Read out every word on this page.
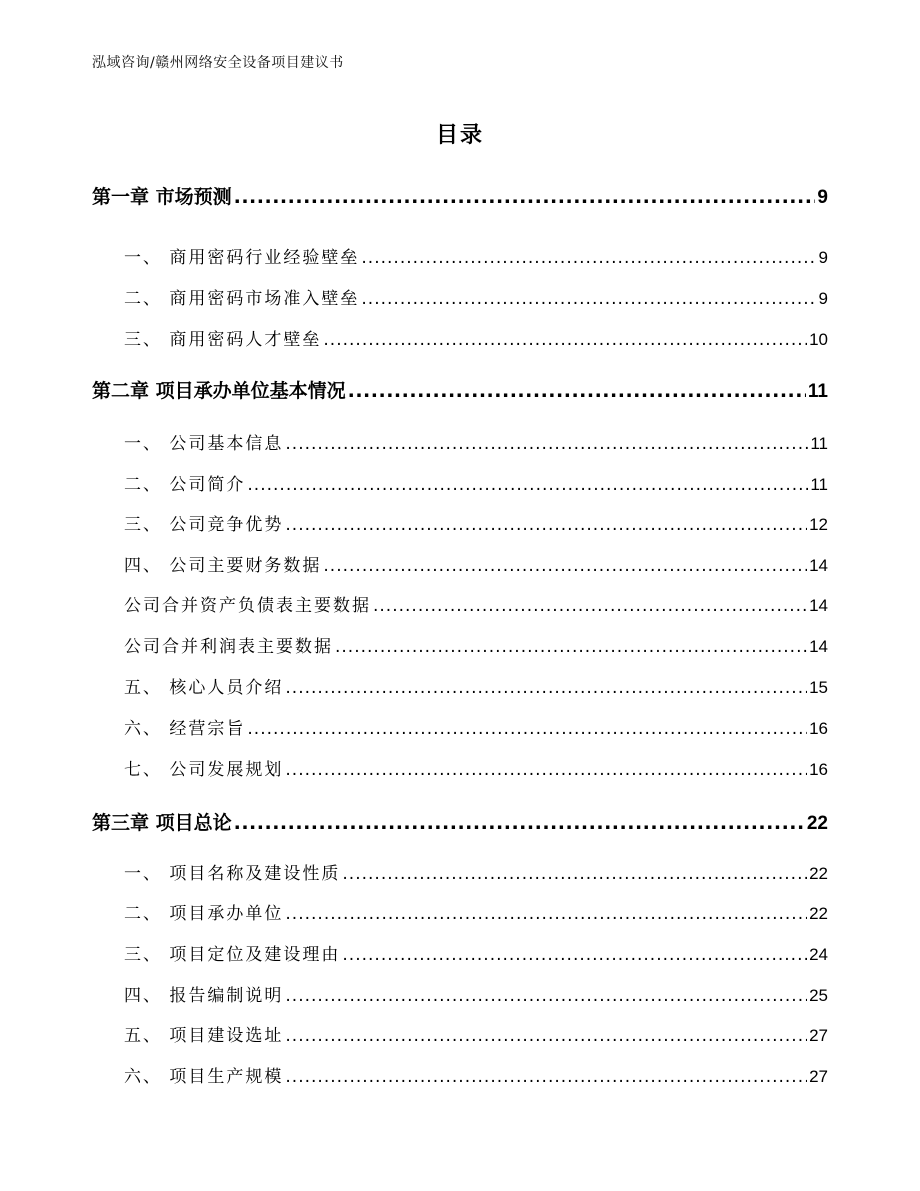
泓域咨询/赣州网络安全设备项目建议书
目录
第一章 市场预测 .....	9
一、 商用密码行业经验壁垒 .....	9
二、 商用密码市场准入壁垒 .....	9
三、 商用密码人才壁垒 .....	10
第二章 项目承办单位基本情况 .....	11
一、 公司基本信息 .....	11
二、 公司简介 .....	11
三、 公司竞争优势 .....	12
四、 公司主要财务数据 .....	14
公司合并资产负债表主要数据 .....	14
公司合并利润表主要数据 .....	14
五、 核心人员介绍 .....	15
六、 经营宗旨 .....	16
七、 公司发展规划 .....	16
第三章 项目总论 .....	22
一、 项目名称及建设性质 .....	22
二、 项目承办单位 .....	22
三、 项目定位及建设理由 .....	24
四、 报告编制说明 .....	25
五、 项目建设选址 .....	27
六、 项目生产规模 .....	27
